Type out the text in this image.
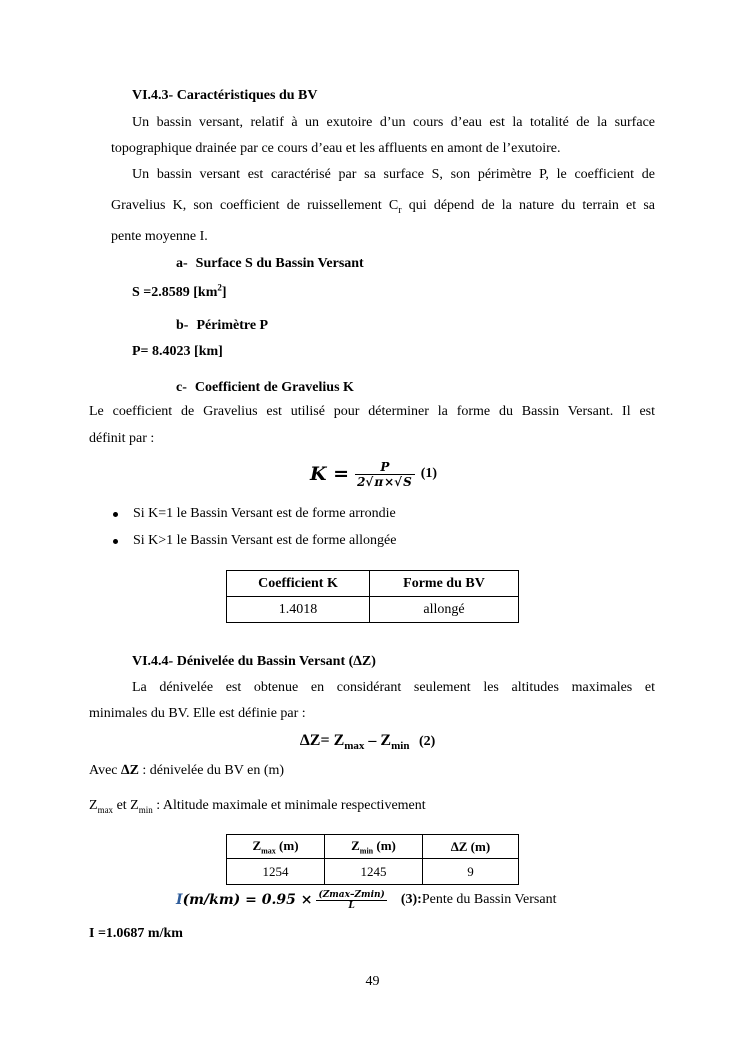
VI.4.3- Caractéristiques du BV
Un bassin versant, relatif à un exutoire d’un cours d’eau est la totalité de la surface
topographique drainée par ce cours d’eau et les affluents en amont de l’exutoire.
Un bassin versant est caractérisé par sa surface S, son périmètre P, le coefficient de
Gravelius K, son coefficient de ruissellement $C_r$ qui dépend de la nature du terrain et sa
pente moyenne I.
a- Surface S du Bassin Versant
S =2.8589 $[km^2]$
b- Périmètre P
P= 8.4023 [km]
c- Coefficient de Gravelius K
Le coefficient de Gravelius est utilisé pour déterminer la forme du Bassin Versant. Il est
définit par :
$K = \frac{P}{2√\pi\times√S} (1)$
Si K=1 le Bassin Versant est de forme arrondie
Si K>1 le Bassin Versant est de forme allongée
Coefficient K	Forme du BV
1.4018	allongé
VI.4.4- Dénivelée du Bassin Versant (∆Z)
La dénivelée est obtenue en considérant seulement les altitudes maximales et
minimales du BV. Elle est définie par :
$\Delta Z= Z_{max} - Z_{min}$ (2)
Avec ∆Z : dénivelée du BV en (m)
$Z_{max}$ et $Z_{min}$ : Altitude maximale et minimale respectivement
$Z_{max}$ (m)	$Z_{min}$ (m)	∆Z (m)
1254	1245	9
I $(m/km) = 0.95 \times \frac{(Zmax-Zmin)}{L} (3)$: Pente du Bassin Versant
I =1.0687 m/km
49
